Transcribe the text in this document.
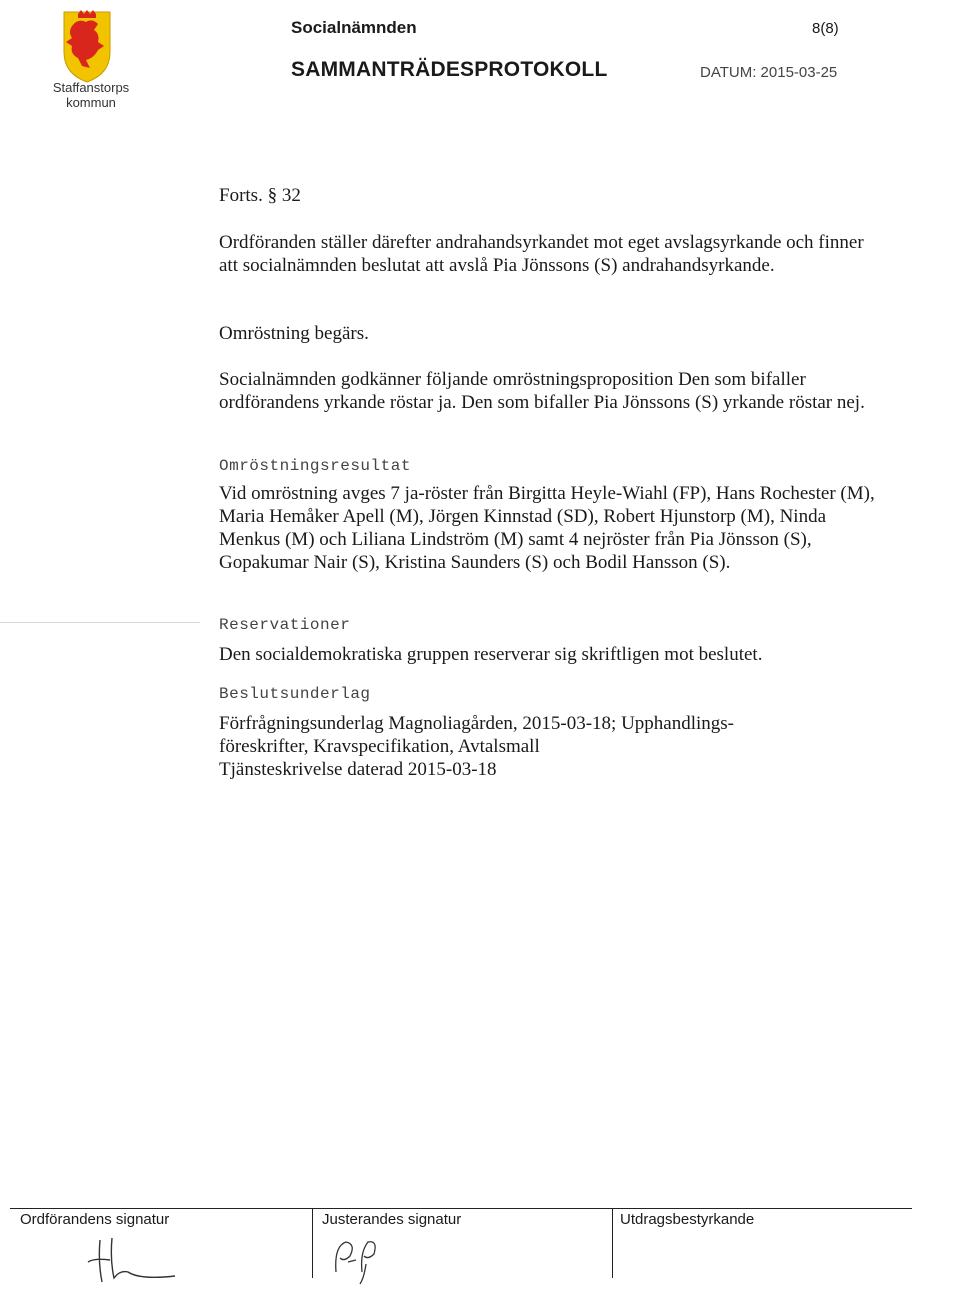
Staffanstorps
kommun
Socialnämnden	8(8)
SAMMANTRÄDESPROTOKOLL	DATUM: 2015-03-25
Forts. § 32
Ordföranden ställer därefter andrahandsyrkandet mot eget avslagsyrkande och finner att socialnämnden beslutat att avslå Pia Jönssons (S) andrahandsyrkande.
Omröstning begärs.
Socialnämnden godkänner följande omröstningsproposition Den som bifaller ordförandens yrkande röstar ja. Den som bifaller Pia Jönssons (S) yrkande röstar nej.
Omröstningsresultat
Vid omröstning avges 7 ja-röster från Birgitta Heyle-Wiahl (FP), Hans Rochester (M), Maria Hemåker Apell (M), Jörgen Kinnstad (SD), Robert Hjunstorp (M), Ninda Menkus (M) och Liliana Lindström (M) samt 4 nejröster från Pia Jönsson (S), Gopakumar Nair (S), Kristina Saunders (S) och Bodil Hansson (S).
Reservationer
Den socialdemokratiska gruppen reserverar sig skriftligen mot beslutet.
Beslutsunderlag
Förfrågningsunderlag Magnoliagården, 2015-03-18; Upphandlings-
föreskrifter, Kravspecifikation, Avtalsmall
Tjänsteskrivelse daterad 2015-03-18
Ordförandens signatur	Justerandes signatur	Utdragsbestyrkande
